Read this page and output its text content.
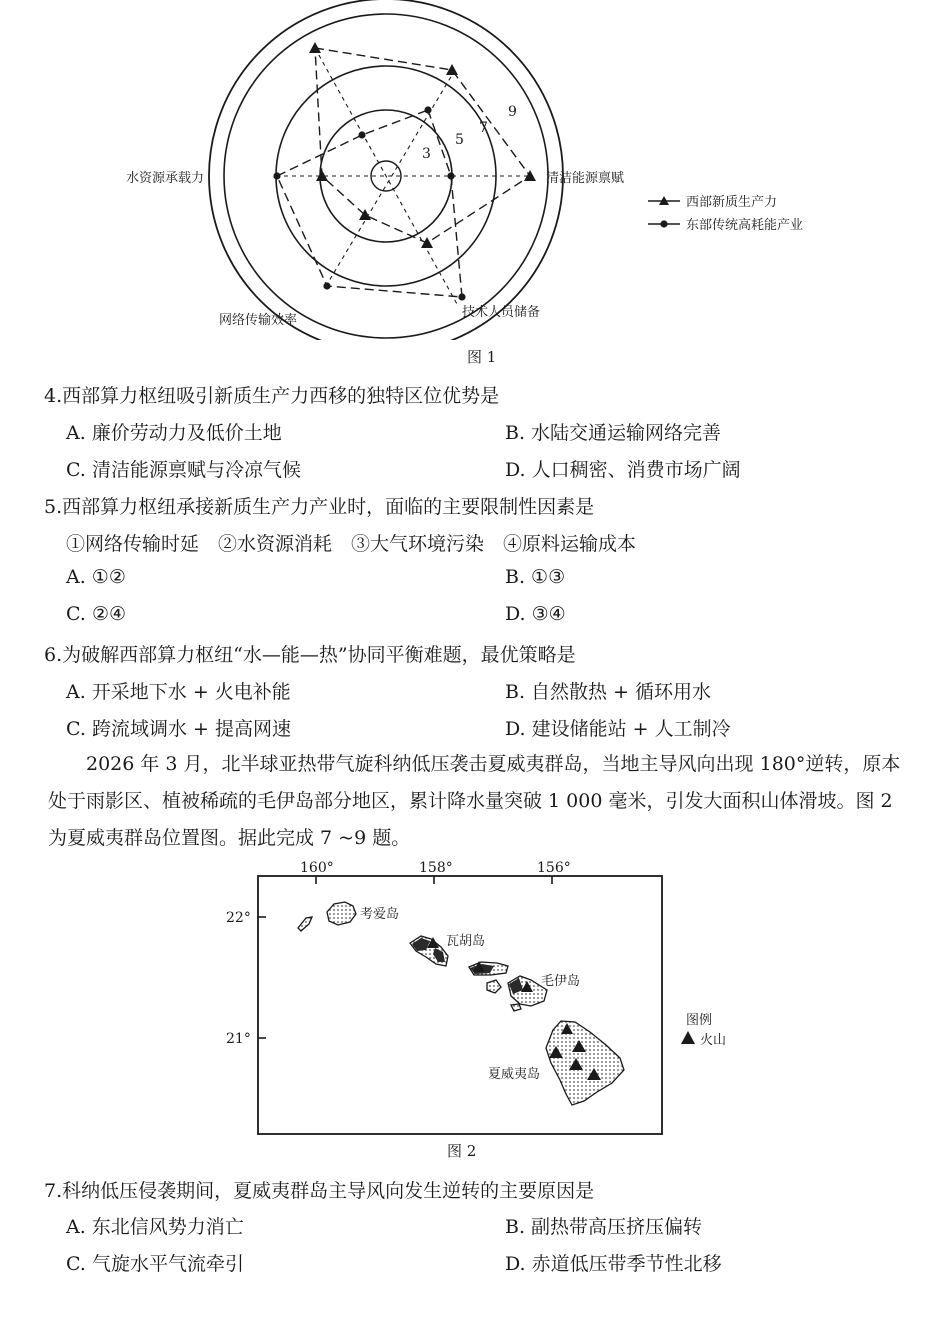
3
5
7
9
水资源承载力	清洁能源禀赋
网络传输效率
技术人员储备
西部新质生产力
东部传统高耗能产业
图 1
4.西部算力枢纽吸引新质生产力西移的独特区位优势是
A. 廉价劳动力及低价土地	B. 水陆交通运输网络完善
C. 清洁能源禀赋与冷凉气候	D. 人口稠密、消费市场广阔
5.西部算力枢纽承接新质生产力产业时，面临的主要限制性因素是
①网络传输时延　②水资源消耗　③大气环境污染　④原料运输成本
A. ①②	B. ①③
C. ②④	D. ③④
6.为破解西部算力枢纽“水—能—热”协同平衡难题，最优策略是
A. 开采地下水 + 火电补能	B. 自然散热 + 循环用水
C. 跨流域调水 + 提高网速	D. 建设储能站 + 人工制冷
2026 年 3 月，北半球亚热带气旋科纳低压袭击夏威夷群岛，当地主导风向出现 180°逆转，原本处于雨影区、植被稀疏的毛伊岛部分地区，累计降水量突破 1 000 毫米，引发大面积山体滑坡。图 2 为夏威夷群岛位置图。据此完成 7 ~9 题。
160°	158°	156°
22°
21°
考爱岛
瓦胡岛
毛伊岛
夏威夷岛
图例
火山
图 2
7.科纳低压侵袭期间，夏威夷群岛主导风向发生逆转的主要原因是
A. 东北信风势力消亡	B. 副热带高压挤压偏转
C. 气旋水平气流牵引	D. 赤道低压带季节性北移
